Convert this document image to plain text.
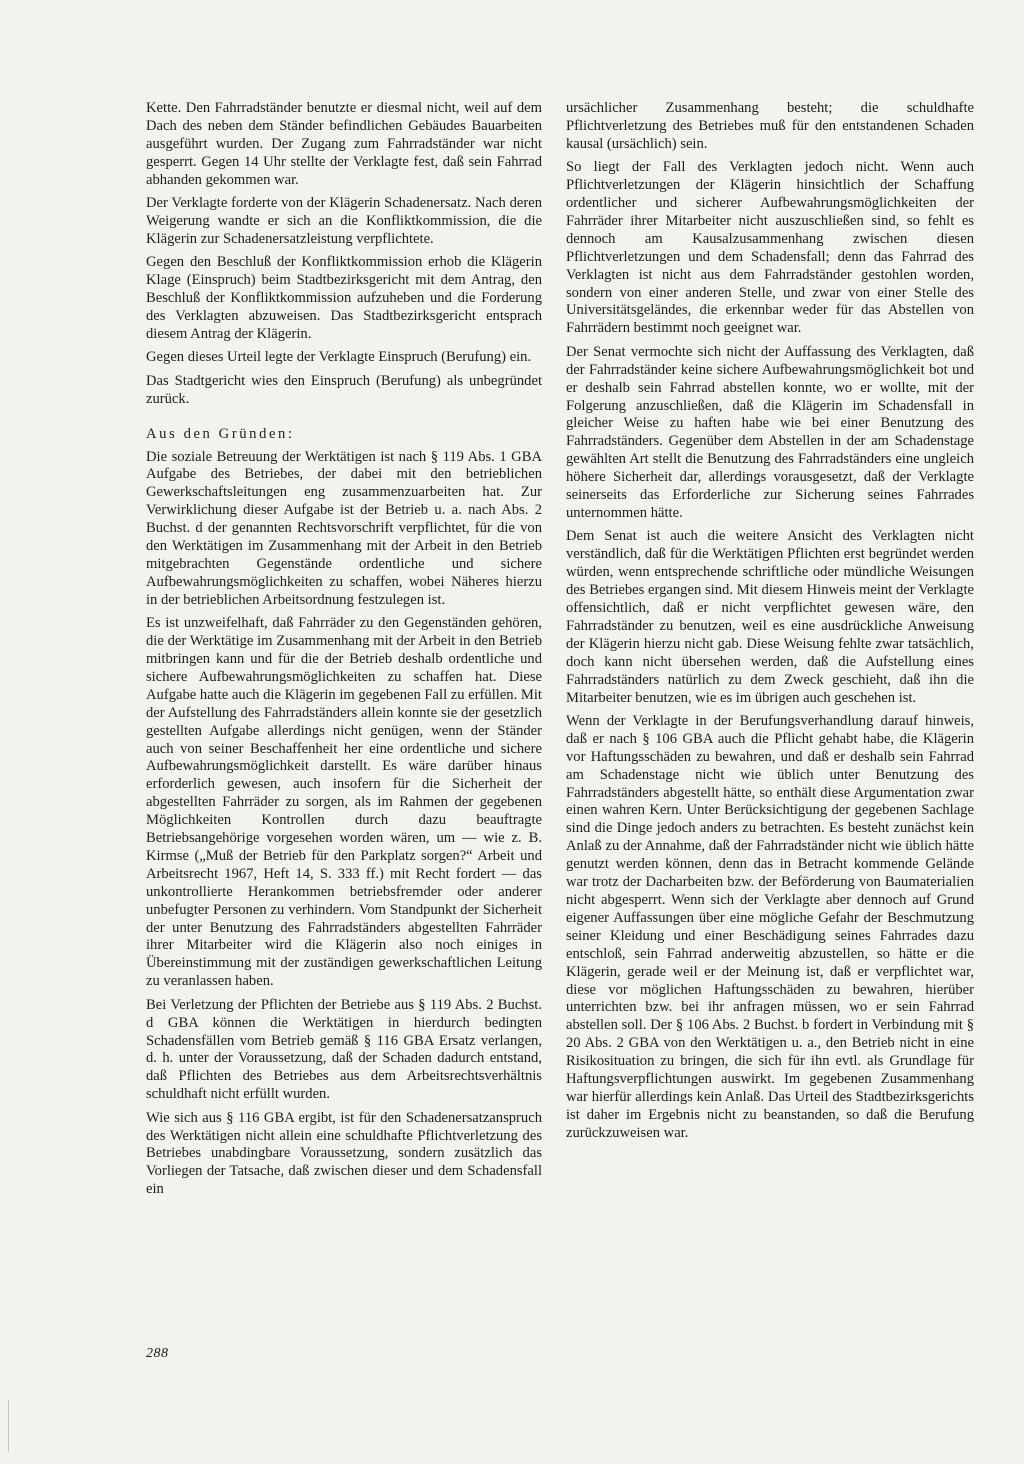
Kette. Den Fahrradständer benutzte er diesmal nicht, weil auf dem Dach des neben dem Ständer befindlichen Gebäudes Bauarbeiten ausgeführt wurden. Der Zugang zum Fahrradständer war nicht gesperrt. Gegen 14 Uhr stellte der Verklagte fest, daß sein Fahrrad abhanden gekommen war.

Der Verklagte forderte von der Klägerin Schadenersatz. Nach deren Weigerung wandte er sich an die Konfliktkommission, die die Klägerin zur Schadenersatzleistung verpflichtete.

Gegen den Beschluß der Konfliktkommission erhob die Klägerin Klage (Einspruch) beim Stadtbezirksgericht mit dem Antrag, den Beschluß der Konfliktkommission aufzuheben und die Forderung des Verklagten abzuweisen. Das Stadtbezirksgericht entsprach diesem Antrag der Klägerin.

Gegen dieses Urteil legte der Verklagte Einspruch (Berufung) ein.

Das Stadtgericht wies den Einspruch (Berufung) als unbegründet zurück.

Aus den Gründen:

Die soziale Betreuung der Werktätigen ist nach § 119 Abs. 1 GBA Aufgabe des Betriebes, der dabei mit den betrieblichen Gewerkschaftsleitungen eng zusammenzuarbeiten hat. Zur Verwirklichung dieser Aufgabe ist der Betrieb u. a. nach Abs. 2 Buchst. d der genannten Rechtsvorschrift verpflichtet, für die von den Werktätigen im Zusammenhang mit der Arbeit in den Betrieb mitgebrachten Gegenstände ordentliche und sichere Aufbewahrungsmöglichkeiten zu schaffen, wobei Näheres hierzu in der betrieblichen Arbeitsordnung festzulegen ist.

Es ist unzweifelhaft, daß Fahrräder zu den Gegenständen gehören, die der Werktätige im Zusammenhang mit der Arbeit in den Betrieb mitbringen kann und für die der Betrieb deshalb ordentliche und sichere Aufbewahrungsmöglichkeiten zu schaffen hat. Diese Aufgabe hatte auch die Klägerin im gegebenen Fall zu erfüllen. Mit der Aufstellung des Fahrradständers allein konnte sie der gesetzlich gestellten Aufgabe allerdings nicht genügen, wenn der Ständer auch von seiner Beschaffenheit her eine ordentliche und sichere Aufbewahrungsmöglichkeit darstellt. Es wäre darüber hinaus erforderlich gewesen, auch insofern für die Sicherheit der abgestellten Fahrräder zu sorgen, als im Rahmen der gegebenen Möglichkeiten Kontrollen durch dazu beauftragte Betriebsangehörige vorgesehen worden wären, um — wie z. B. Kirmse („Muß der Betrieb für den Parkplatz sorgen?“ Arbeit und Arbeitsrecht 1967, Heft 14, S. 333 ff.) mit Recht fordert — das unkontrollierte Herankommen betriebsfremder oder anderer unbefugter Personen zu verhindern. Vom Standpunkt der Sicherheit der unter Benutzung des Fahrradständers abgestellten Fahrräder ihrer Mitarbeiter wird die Klägerin also noch einiges in Übereinstimmung mit der zuständigen gewerkschaftlichen Leitung zu veranlassen haben.

Bei Verletzung der Pflichten der Betriebe aus § 119 Abs. 2 Buchst. d GBA können die Werktätigen in hierdurch bedingten Schadensfällen vom Betrieb gemäß § 116 GBA Ersatz verlangen, d. h. unter der Voraussetzung, daß der Schaden dadurch entstand, daß Pflichten des Betriebes aus dem Arbeitsrechtsverhältnis schuldhaft nicht erfüllt wurden.

Wie sich aus § 116 GBA ergibt, ist für den Schadenersatzanspruch des Werktätigen nicht allein eine schuldhafte Pflichtverletzung des Betriebes unabdingbare Voraussetzung, sondern zusätzlich das Vorliegen der Tatsache, daß zwischen dieser und dem Schadensfall ein

ursächlicher Zusammenhang besteht; die schuldhafte Pflichtverletzung des Betriebes muß für den entstandenen Schaden kausal (ursächlich) sein.

So liegt der Fall des Verklagten jedoch nicht. Wenn auch Pflichtverletzungen der Klägerin hinsichtlich der Schaffung ordentlicher und sicherer Aufbewahrungsmöglichkeiten der Fahrräder ihrer Mitarbeiter nicht auszuschließen sind, so fehlt es dennoch am Kausalzusammenhang zwischen diesen Pflichtverletzungen und dem Schadensfall; denn das Fahrrad des Verklagten ist nicht aus dem Fahrradständer gestohlen worden, sondern von einer anderen Stelle, und zwar von einer Stelle des Universitätsgeländes, die erkennbar weder für das Abstellen von Fahrrädern bestimmt noch geeignet war.

Der Senat vermochte sich nicht der Auffassung des Verklagten, daß der Fahrradständer keine sichere Aufbewahrungsmöglichkeit bot und er deshalb sein Fahrrad abstellen konnte, wo er wollte, mit der Folgerung anzuschließen, daß die Klägerin im Schadensfall in gleicher Weise zu haften habe wie bei einer Benutzung des Fahrradständers. Gegenüber dem Abstellen in der am Schadenstage gewählten Art stellt die Benutzung des Fahrradständers eine ungleich höhere Sicherheit dar, allerdings vorausgesetzt, daß der Verklagte seinerseits das Erforderliche zur Sicherung seines Fahrrades unternommen hätte.

Dem Senat ist auch die weitere Ansicht des Verklagten nicht verständlich, daß für die Werktätigen Pflichten erst begründet werden würden, wenn entsprechende schriftliche oder mündliche Weisungen des Betriebes ergangen sind. Mit diesem Hinweis meint der Verklagte offensichtlich, daß er nicht verpflichtet gewesen wäre, den Fahrradständer zu benutzen, weil es eine ausdrückliche Anweisung der Klägerin hierzu nicht gab. Diese Weisung fehlte zwar tatsächlich, doch kann nicht übersehen werden, daß die Aufstellung eines Fahrradständers natürlich zu dem Zweck geschieht, daß ihn die Mitarbeiter benutzen, wie es im übrigen auch geschehen ist.

Wenn der Verklagte in der Berufungsverhandlung darauf hinweis, daß er nach § 106 GBA auch die Pflicht gehabt habe, die Klägerin vor Haftungsschäden zu bewahren, und daß er deshalb sein Fahrrad am Schadenstage nicht wie üblich unter Benutzung des Fahrradständers abgestellt hätte, so enthält diese Argumentation zwar einen wahren Kern. Unter Berücksichtigung der gegebenen Sachlage sind die Dinge jedoch anders zu betrachten. Es besteht zunächst kein Anlaß zu der Annahme, daß der Fahrradständer nicht wie üblich hätte genutzt werden können, denn das in Betracht kommende Gelände war trotz der Dacharbeiten bzw. der Beförderung von Baumaterialien nicht abgesperrt. Wenn sich der Verklagte aber dennoch auf Grund eigener Auffassungen über eine mögliche Gefahr der Beschmutzung seiner Kleidung und einer Beschädigung seines Fahrrades dazu entschloß, sein Fahrrad anderweitig abzustellen, so hätte er die Klägerin, gerade weil er der Meinung ist, daß er verpflichtet war, diese vor möglichen Haftungsschäden zu bewahren, hierüber unterrichten bzw. bei ihr anfragen müssen, wo er sein Fahrrad abstellen soll. Der § 106 Abs. 2 Buchst. b fordert in Verbindung mit § 20 Abs. 2 GBA von den Werktätigen u. a., den Betrieb nicht in eine Risikosituation zu bringen, die sich für ihn evtl. als Grundlage für Haftungsverpflichtungen auswirkt. Im gegebenen Zusammenhang war hierfür allerdings kein Anlaß. Das Urteil des Stadtbezirksgerichts ist daher im Ergebnis nicht zu beanstanden, so daß die Berufung zurückzuweisen war.

288
